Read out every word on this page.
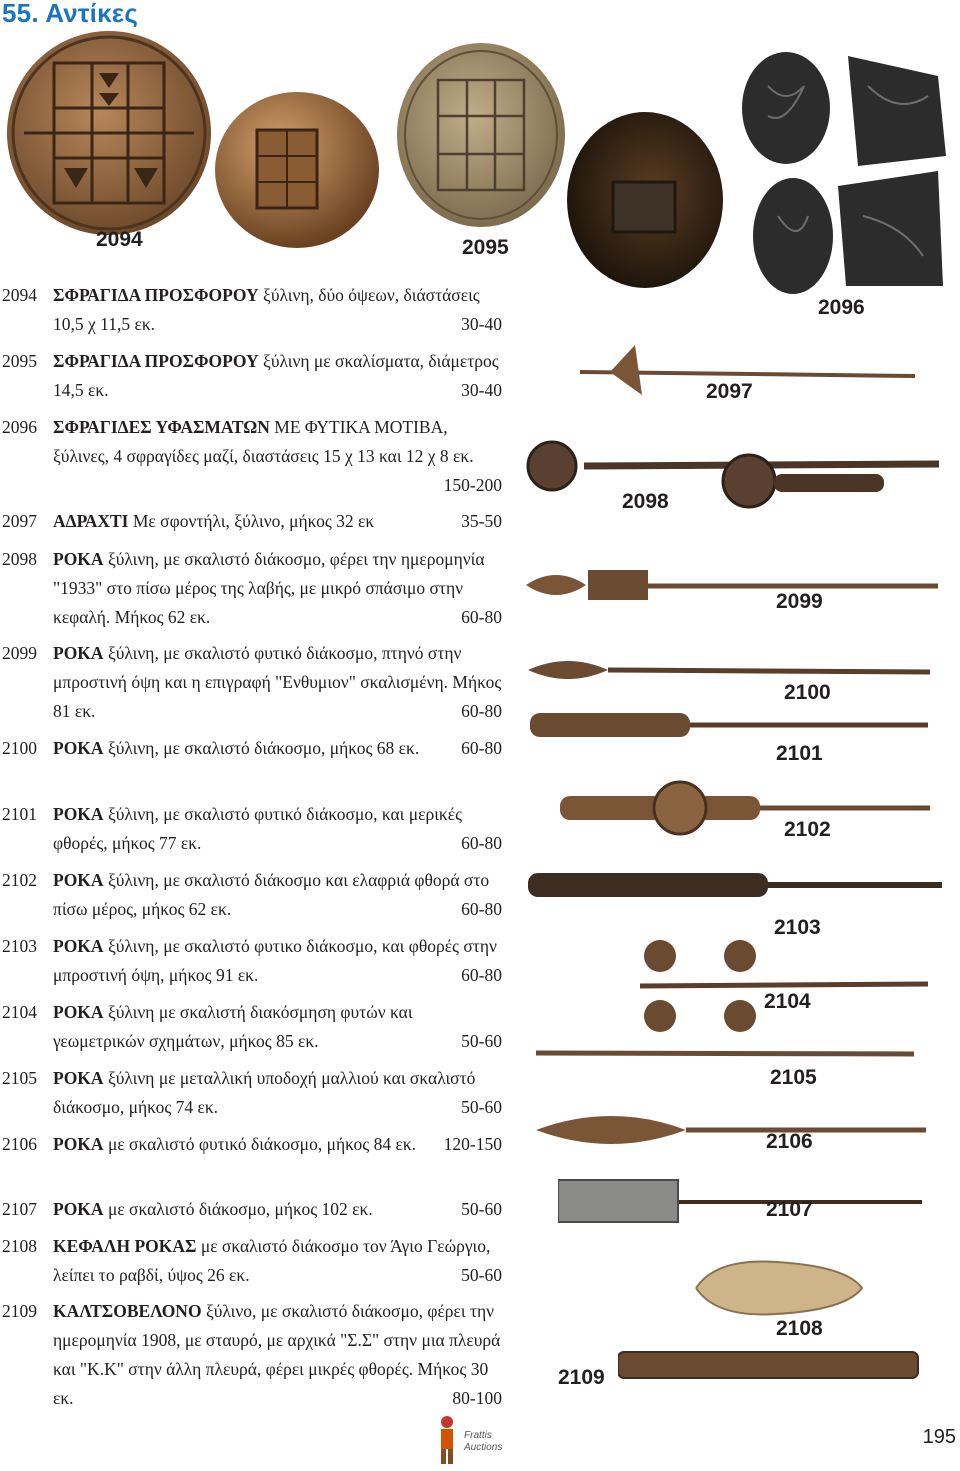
55. Αντίκες
2094	2095
2096
2097
2098
2099
2100
2101
2102
2103
2104
2105
2106
2107
2108
2109
2094 ΣΦΡΑΓΙΔΑ ΠΡΟΣΦΟΡΟΥ ξύλινη, δύο όψεων, διάστάσεις 10,5 χ 11,5 εκ.	30-40
2095 ΣΦΡΑΓΙΔΑ ΠΡΟΣΦΟΡΟΥ ξύλινη με σκαλίσματα, διάμετρος 14,5 εκ.	30-40
2096 ΣΦΡΑΓΙΔΕΣ ΥΦΑΣΜΑΤΩΝ ΜΕ ΦΥΤΙΚΑ ΜΟΤΙΒΑ, ξύλινες, 4 σφραγίδες μαζί, διαστάσεις 15 χ 13 και 12 χ 8 εκ.
150-200
2097 ΑΔΡΑΧΤΙ Με σφοντήλι, ξύλινο, μήκος 32 εκ	35-50
2098 ΡΟΚΑ ξύλινη, με σκαλιστό διάκοσμο, φέρει την ημερομηνία "1933" στο πίσω μέρος της λαβής, με μικρό σπάσιμο στην κεφαλή. Μήκος 62 εκ.	60-80
2099 ΡΟΚΑ ξύλινη, με σκαλιστό φυτικό διάκοσμο, πτηνό στην μπροστινή όψη και η επιγραφή "Ενθυμιον" σκαλισμένη. Μήκος 81 εκ.	60-80
2100 ΡΟΚΑ ξύλινη, με σκαλιστό διάκοσμο, μήκος 68 εκ. 60-80
2101 ΡΟΚΑ ξύλινη, με σκαλιστό φυτικό διάκοσμο, και μερικές φθορές, μήκος 77 εκ.	60-80
2102 ΡΟΚΑ ξύλινη, με σκαλιστό διάκοσμο και ελαφριά φθορά στο πίσω μέρος, μήκος 62 εκ.	60-80
2103 ΡΟΚΑ ξύλινη, με σκαλιστό φυτικο διάκοσμο, και φθορές στην μπροστινή όψη, μήκος 91 εκ.	60-80
2104 ΡΟΚΑ ξύλινη με σκαλιστή διακόσμηση φυτών και γεωμετρικών σχημάτων, μήκος 85 εκ.	50-60
2105 ΡΟΚΑ ξύλινη με μεταλλική υποδοχή μαλλιού και σκαλιστό διάκοσμο, μήκος 74 εκ.	50-60
2106 ΡΟΚΑ με σκαλιστό φυτικό διάκοσμο, μήκος 84 εκ. 120-150
2107 ΡΟΚΑ με σκαλιστό διάκοσμο, μήκος 102 εκ.	50-60
2108 ΚΕΦΑΛΗ ΡΟΚΑΣ με σκαλιστό διάκοσμο τον Άγιο Γεώργιο, λείπει το ραβδί, ύψος 26 εκ.	50-60
2109 ΚΑΛΤΣΟΒΕΛΟΝΟ ξύλινο, με σκαλιστό διάκοσμο, φέρει την ημερομηνία 1908, με σταυρό, με αρχικά "Σ.Σ" στην μια πλευρά και "Κ.Κ" στην άλλη πλευρά, φέρει μικρές φθορές. Μήκος 30 εκ.	80-100
Frattis
Auctions	195
